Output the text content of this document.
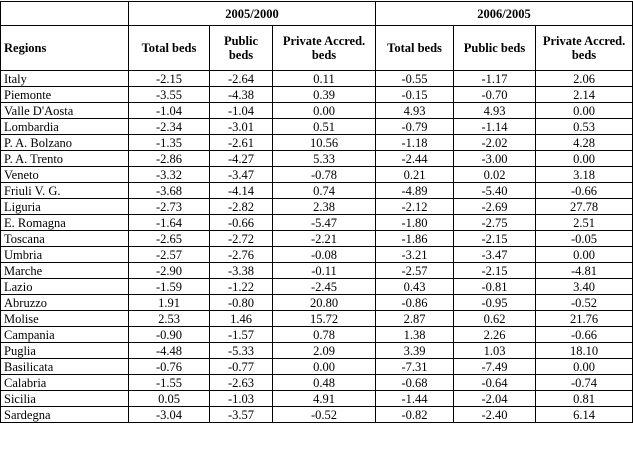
	2005/2000			2006/2005		
Regions	Total beds	Public beds	Private Accred. beds	Total beds	Public beds	Private Accred. beds
Italy	-2.15	-2.64	0.11	-0.55	-1.17	2.06
Piemonte	-3.55	-4.38	0.39	-0.15	-0.70	2.14
Valle D'Aosta	-1.04	-1.04	0.00	4.93	4.93	0.00
Lombardia	-2.34	-3.01	0.51	-0.79	-1.14	0.53
P. A. Bolzano	-1.35	-2.61	10.56	-1.18	-2.02	4.28
P. A. Trento	-2.86	-4.27	5.33	-2.44	-3.00	0.00
Veneto	-3.32	-3.47	-0.78	0.21	0.02	3.18
Friuli V. G.	-3.68	-4.14	0.74	-4.89	-5.40	-0.66
Liguria	-2.73	-2.82	2.38	-2.12	-2.69	27.78
E. Romagna	-1.64	-0.66	-5.47	-1.80	-2.75	2.51
Toscana	-2.65	-2.72	-2.21	-1.86	-2.15	-0.05
Umbria	-2.57	-2.76	-0.08	-3.21	-3.47	0.00
Marche	-2.90	-3.38	-0.11	-2.57	-2.15	-4.81
Lazio	-1.59	-1.22	-2.45	0.43	-0.81	3.40
Abruzzo	1.91	-0.80	20.80	-0.86	-0.95	-0.52
Molise	2.53	1.46	15.72	2.87	0.62	21.76
Campania	-0.90	-1.57	0.78	1.38	2.26	-0.66
Puglia	-4.48	-5.33	2.09	3.39	1.03	18.10
Basilicata	-0.76	-0.77	0.00	-7.31	-7.49	0.00
Calabria	-1.55	-2.63	0.48	-0.68	-0.64	-0.74
Sicilia	0.05	-1.03	4.91	-1.44	-2.04	0.81
Sardegna	-3.04	-3.57	-0.52	-0.82	-2.40	6.14
